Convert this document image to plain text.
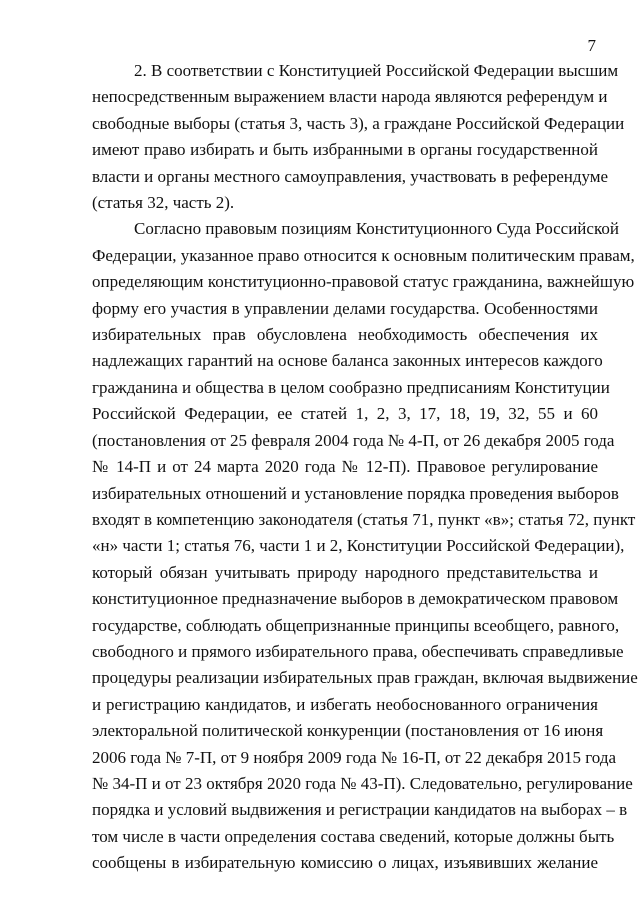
7
2. В соответствии с Конституцией Российской Федерации высшим
непосредственным выражением власти народа являются референдум и
свободные выборы (статья 3, часть 3), а граждане Российской Федерации
имеют право избирать и быть избранными в органы государственной
власти и органы местного самоуправления, участвовать в референдуме
(статья 32, часть 2).
Согласно правовым позициям Конституционного Суда Российской
Федерации, указанное право относится к основным политическим правам,
определяющим конституционно-правовой статус гражданина, важнейшую
форму его участия в управлении делами государства. Особенностями
избирательных прав обусловлена необходимость обеспечения их
надлежащих гарантий на основе баланса законных интересов каждого
гражданина и общества в целом сообразно предписаниям Конституции
Российской Федерации, ее статей 1, 2, 3, 17, 18, 19, 32, 55 и 60
(постановления от 25 февраля 2004 года № 4-П, от 26 декабря 2005 года
№ 14-П и от 24 марта 2020 года № 12-П). Правовое регулирование
избирательных отношений и установление порядка проведения выборов
входят в компетенцию законодателя (статья 71, пункт «в»; статья 72, пункт
«н» части 1; статья 76, части 1 и 2, Конституции Российской Федерации),
который обязан учитывать природу народного представительства и
конституционное предназначение выборов в демократическом правовом
государстве, соблюдать общепризнанные принципы всеобщего, равного,
свободного и прямого избирательного права, обеспечивать справедливые
процедуры реализации избирательных прав граждан, включая выдвижение
и регистрацию кандидатов, и избегать необоснованного ограничения
электоральной политической конкуренции (постановления от 16 июня
2006 года № 7-П, от 9 ноября 2009 года № 16-П, от 22 декабря 2015 года
№ 34-П и от 23 октября 2020 года № 43-П). Следовательно, регулирование
порядка и условий выдвижения и регистрации кандидатов на выборах – в
том числе в части определения состава сведений, которые должны быть
сообщены в избирательную комиссию о лицах, изъявивших желание
